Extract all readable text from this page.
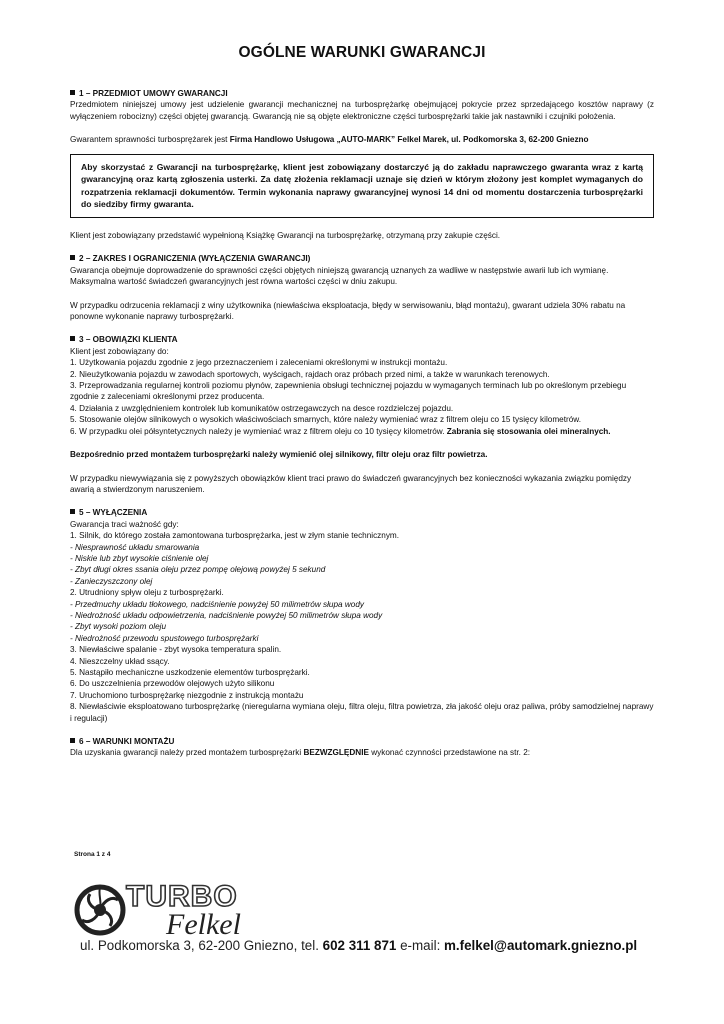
OGÓLNE WARUNKI GWARANCJI

1 – PRZEDMIOT UMOWY GWARANCJI

Przedmiotem niniejszej umowy jest udzielenie gwarancji mechanicznej na turbosprężarkę obejmującej pokrycie przez sprzedającego kosztów naprawy (z wyłączeniem robocizny) części objętej gwarancją. Gwarancją nie są objęte elektroniczne części turbosprężarki takie jak nastawniki i czujniki położenia.

Gwarantem sprawności turbosprężarek jest Firma Handlowo Usługowa „AUTO-MARK” Felkel Marek, ul. Podkomorska 3, 62-200 Gniezno

Aby skorzystać z Gwarancji na turbosprężarkę, klient jest zobowiązany dostarczyć ją do zakładu naprawczego gwaranta wraz z kartą gwarancyjną oraz kartą zgłoszenia usterki. Za datę złożenia reklamacji uznaje się dzień w którym złożony jest komplet wymaganych do rozpatrzenia reklamacji dokumentów. Termin wykonania naprawy gwarancyjnej wynosi 14 dni od momentu dostarczenia turbosprężarki do siedziby firmy gwaranta.

Klient jest zobowiązany przedstawić wypełnioną Książkę Gwarancji na turbosprężarkę, otrzymaną przy zakupie części.

2 – ZAKRES I OGRANICZENIA (WYŁĄCZENIA GWARANCJI)

Gwarancja obejmuje doprowadzenie do sprawności części objętych niniejszą gwarancją uznanych za wadliwe w następstwie awarii lub ich wymianę. Maksymalna wartość świadczeń gwarancyjnych jest równa wartości części w dniu zakupu.

W przypadku odrzucenia reklamacji z winy użytkownika (niewłaściwa eksploatacja, błędy w serwisowaniu, błąd montażu), gwarant udziela 30% rabatu na ponowne wykonanie naprawy turbosprężarki.

3 – OBOWIĄZKI KLIENTA

Klient jest zobowiązany do:

1. Użytkowania pojazdu zgodnie z jego przeznaczeniem i zaleceniami określonymi w instrukcji montażu.

2. Nieużytkowania pojazdu w zawodach sportowych, wyścigach, rajdach oraz próbach przed nimi, a także w warunkach terenowych.

3. Przeprowadzania regularnej kontroli poziomu płynów, zapewnienia obsługi technicznej pojazdu w wymaganych terminach lub po określonym przebiegu zgodnie z zaleceniami określonymi przez producenta.

4. Działania z uwzględnieniem kontrolek lub komunikatów ostrzegawczych na desce rozdzielczej pojazdu.

5. Stosowanie olejów silnikowych o wysokich właściwościach smarnych, które należy wymieniać wraz z filtrem oleju co 15 tysięcy kilometrów.

6. W przypadku olei półsyntetycznych należy je wymieniać wraz z filtrem oleju co 10 tysięcy kilometrów. Zabrania się stosowania olei mineralnych.

Bezpośrednio przed montażem turbosprężarki należy wymienić olej silnikowy, filtr oleju oraz filtr powietrza.

W przypadku niewywiązania się z powyższych obowiązków klient traci prawo do świadczeń gwarancyjnych bez konieczności wykazania związku pomiędzy awarią a stwierdzonym naruszeniem.

5 – WYŁĄCZENIA

Gwarancja traci ważność gdy:

1. Silnik, do którego została zamontowana turbosprężarka, jest w złym stanie technicznym.

- Niesprawność układu smarowania

- Niskie lub zbyt wysokie ciśnienie olej

- Zbyt długi okres ssania oleju przez pompę olejową powyżej 5 sekund

- Zanieczyszczony olej

2. Utrudniony spływ oleju z turbosprężarki.

- Przedmuchy układu tłokowego, nadciśnienie powyżej 50 milimetrów słupa wody

- Niedrożność układu odpowietrzenia, nadciśnienie powyżej 50 milimetrów słupa wody

- Zbyt wysoki poziom oleju

- Niedrożność przewodu spustowego turbosprężarki

3. Niewłaściwe spalanie - zbyt wysoka temperatura spalin.

4. Nieszczelny układ ssący.

5. Nastąpiło mechaniczne uszkodzenie elementów turbosprężarki.

6. Do uszczelnienia przewodów olejowych użyto silikonu

7. Uruchomiono turbosprężarkę niezgodnie z instrukcją montażu

8. Niewłaściwie eksploatowano turbosprężarkę (nieregularna wymiana oleju, filtra oleju, filtra powietrza, zła jakość oleju oraz paliwa, próby samodzielnej naprawy i regulacji)

6 – WARUNKI MONTAŻU

Dla uzyskania gwarancji należy przed montażem turbosprężarki BEZWZGLĘDNIE wykonać czynności przedstawione na str. 2:

Strona 1 z 4
TURBO
Felkel
ul. Podkomorska 3, 62-200 Gniezno, tel. 602 311 871 e-mail: m.felkel@automark.gniezno.pl
